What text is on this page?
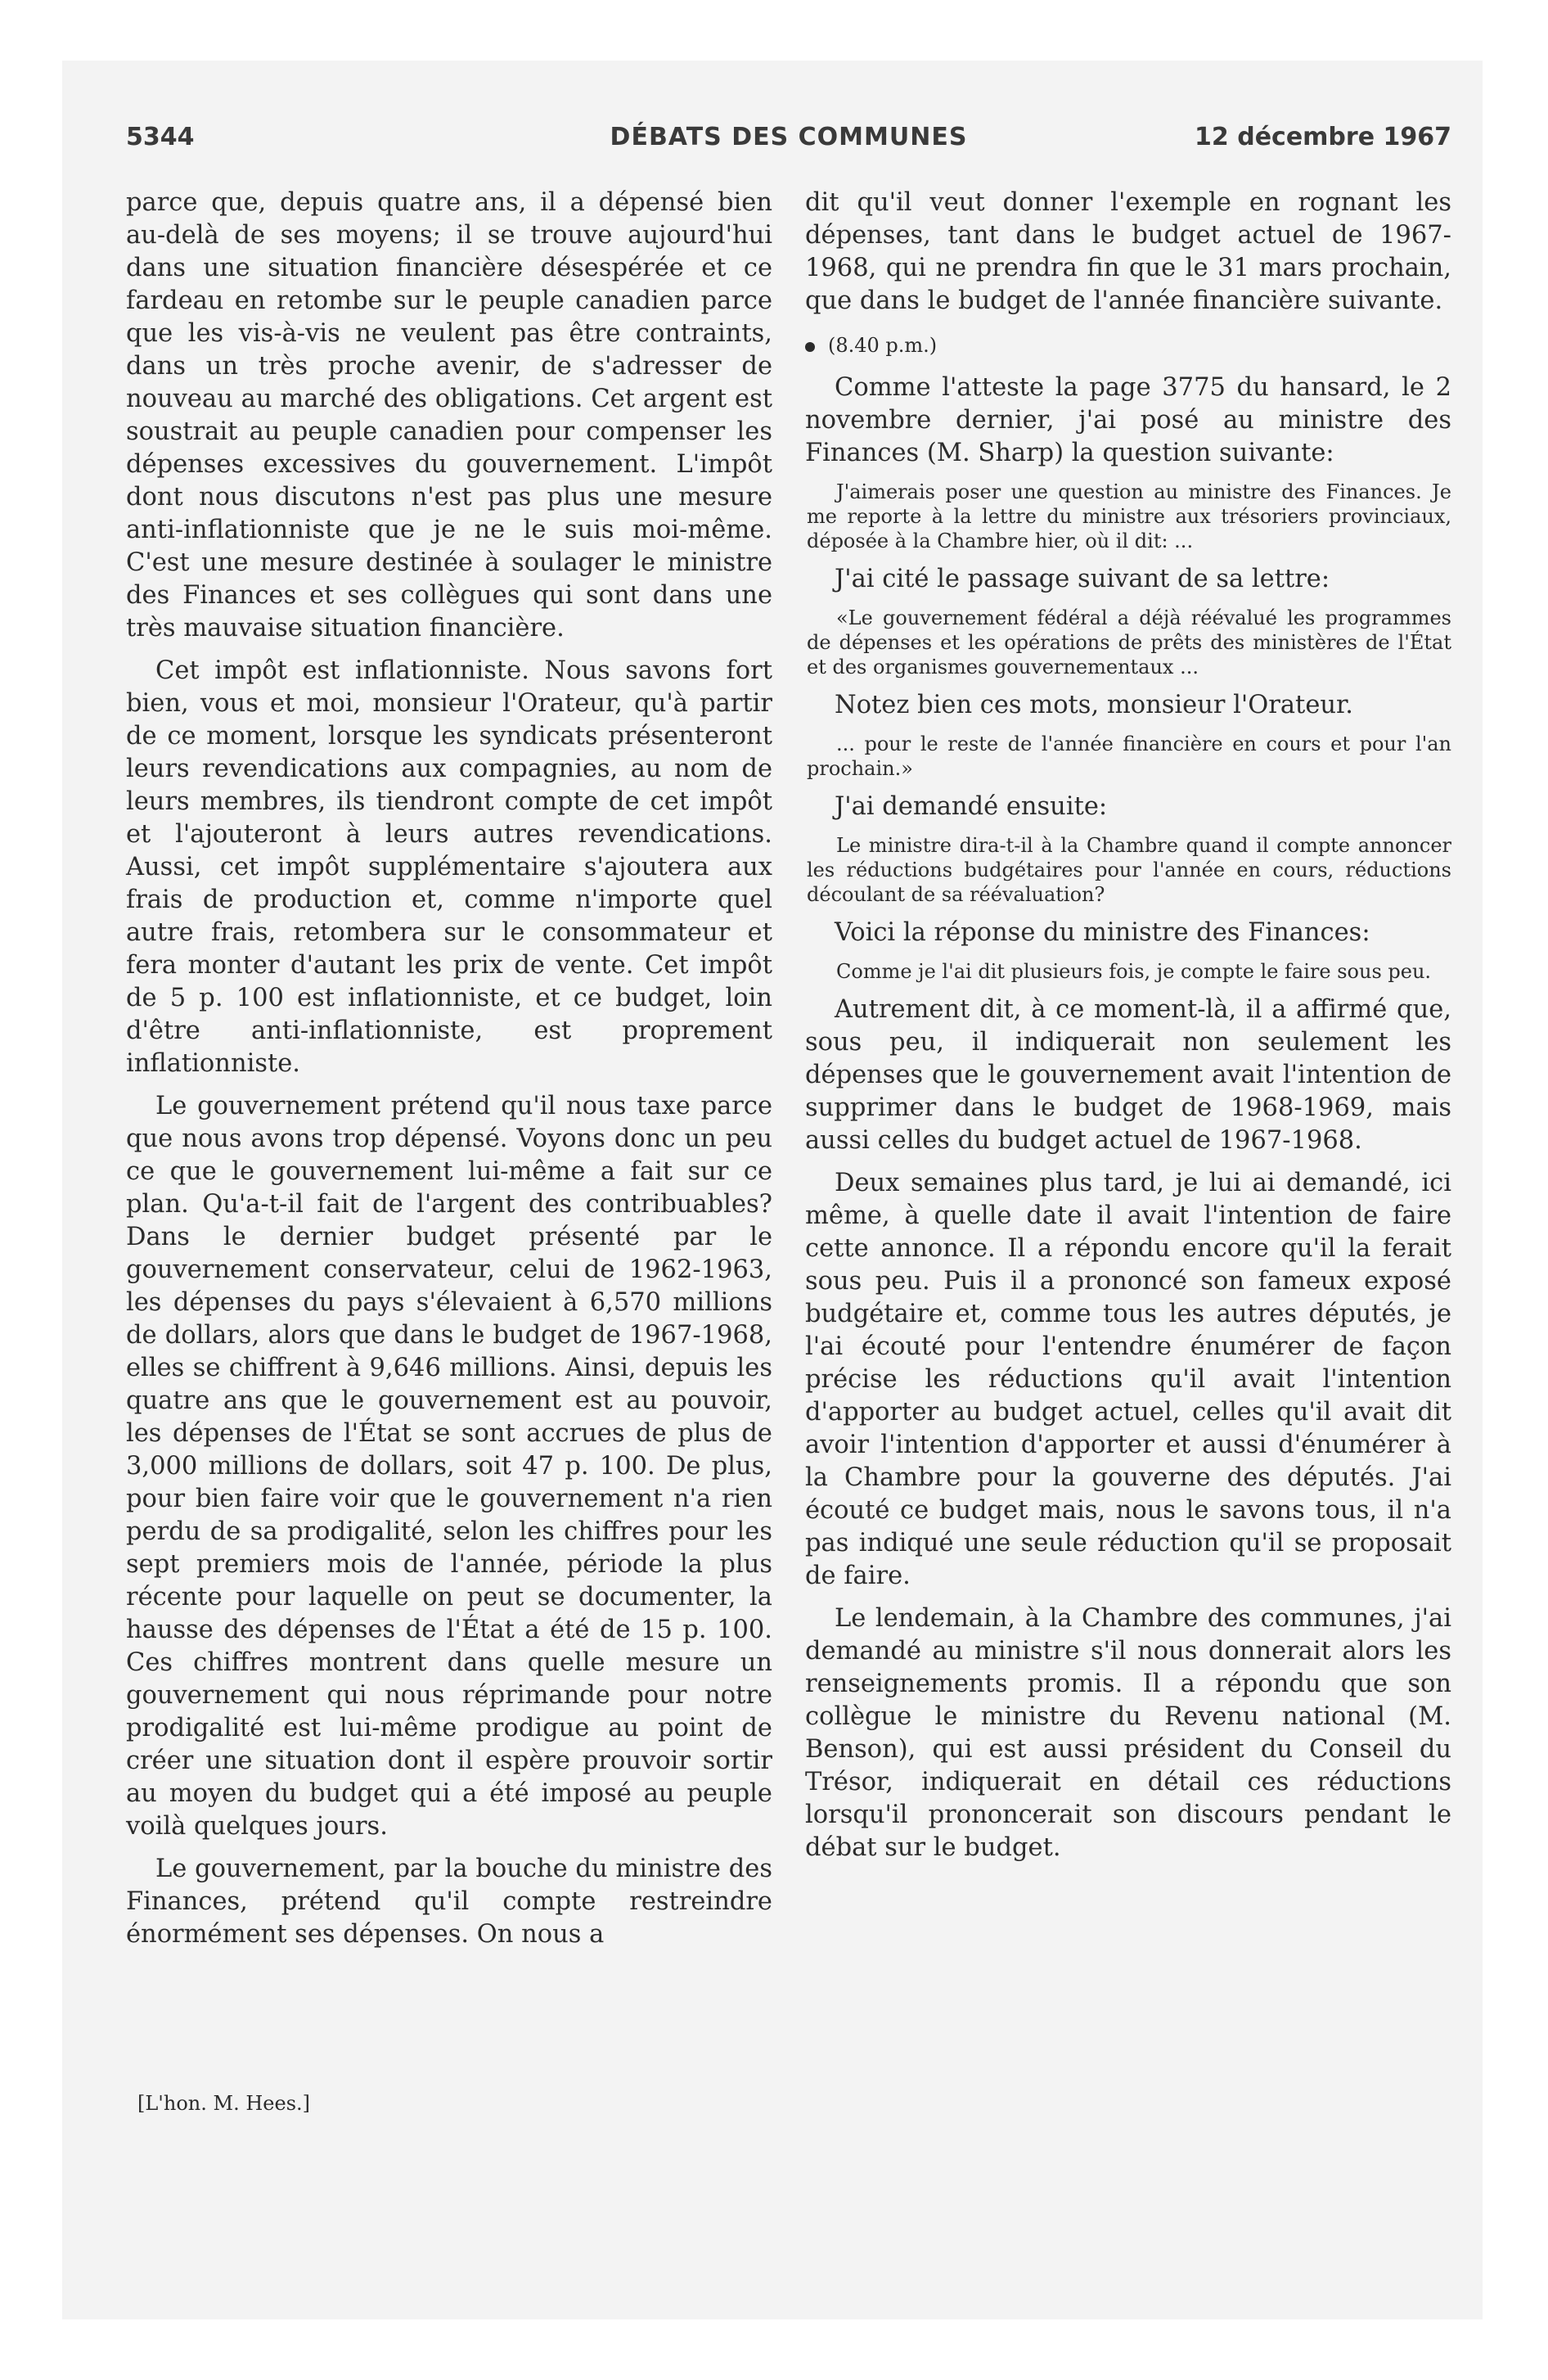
5344	DÉBATS DES COMMUNES	12 décembre 1967

parce que, depuis quatre ans, il a dépensé bien au-delà de ses moyens; il se trouve aujourd'hui dans une situation financière désespérée et ce fardeau en retombe sur le peuple canadien parce que les vis-à-vis ne veulent pas être contraints, dans un très proche avenir, de s'adresser de nouveau au marché des obligations. Cet argent est soustrait au peuple canadien pour compenser les dépenses excessives du gouvernement. L'impôt dont nous discutons n'est pas plus une mesure anti-inflationniste que je ne le suis moi-même. C'est une mesure destinée à soulager le ministre des Finances et ses collègues qui sont dans une très mauvaise situation financière.

Cet impôt est inflationniste. Nous savons fort bien, vous et moi, monsieur l'Orateur, qu'à partir de ce moment, lorsque les syndicats présenteront leurs revendications aux compagnies, au nom de leurs membres, ils tiendront compte de cet impôt et l'ajouteront à leurs autres revendications. Aussi, cet impôt supplémentaire s'ajoutera aux frais de production et, comme n'importe quel autre frais, retombera sur le consommateur et fera monter d'autant les prix de vente. Cet impôt de 5 p. 100 est inflationniste, et ce budget, loin d'être anti-inflationniste, est proprement inflationniste.

Le gouvernement prétend qu'il nous taxe parce que nous avons trop dépensé. Voyons donc un peu ce que le gouvernement lui-même a fait sur ce plan. Qu'a-t-il fait de l'argent des contribuables? Dans le dernier budget présenté par le gouvernement conservateur, celui de 1962-1963, les dépenses du pays s'élevaient à 6,570 millions de dollars, alors que dans le budget de 1967-1968, elles se chiffrent à 9,646 millions. Ainsi, depuis les quatre ans que le gouvernement est au pouvoir, les dépenses de l'État se sont accrues de plus de 3,000 millions de dollars, soit 47 p. 100. De plus, pour bien faire voir que le gouvernement n'a rien perdu de sa prodigalité, selon les chiffres pour les sept premiers mois de l'année, période la plus récente pour laquelle on peut se documenter, la hausse des dépenses de l'État a été de 15 p. 100. Ces chiffres montrent dans quelle mesure un gouvernement qui nous réprimande pour notre prodigalité est lui-même prodigue au point de créer une situation dont il espère prouvoir sortir au moyen du budget qui a été imposé au peuple voilà quelques jours.

Le gouvernement, par la bouche du ministre des Finances, prétend qu'il compte restreindre énormément ses dépenses. On nous a

[L'hon. M. Hees.]

dit qu'il veut donner l'exemple en rognant les dépenses, tant dans le budget actuel de 1967-1968, qui ne prendra fin que le 31 mars prochain, que dans le budget de l'année financière suivante.

(8.40 p.m.)

Comme l'atteste la page 3775 du hansard, le 2 novembre dernier, j'ai posé au ministre des Finances (M. Sharp) la question suivante:

J'aimerais poser une question au ministre des Finances. Je me reporte à la lettre du ministre aux trésoriers provinciaux, déposée à la Chambre hier, où il dit: ...

J'ai cité le passage suivant de sa lettre:

«Le gouvernement fédéral a déjà réévalué les programmes de dépenses et les opérations de prêts des ministères de l'État et des organismes gouvernementaux ...

Notez bien ces mots, monsieur l'Orateur.

... pour le reste de l'année financière en cours et pour l'an prochain.»

J'ai demandé ensuite:

Le ministre dira-t-il à la Chambre quand il compte annoncer les réductions budgétaires pour l'année en cours, réductions découlant de sa réévaluation?

Voici la réponse du ministre des Finances:

Comme je l'ai dit plusieurs fois, je compte le faire sous peu.

Autrement dit, à ce moment-là, il a affirmé que, sous peu, il indiquerait non seulement les dépenses que le gouvernement avait l'intention de supprimer dans le budget de 1968-1969, mais aussi celles du budget actuel de 1967-1968.

Deux semaines plus tard, je lui ai demandé, ici même, à quelle date il avait l'intention de faire cette annonce. Il a répondu encore qu'il la ferait sous peu. Puis il a prononcé son fameux exposé budgétaire et, comme tous les autres députés, je l'ai écouté pour l'entendre énumérer de façon précise les réductions qu'il avait l'intention d'apporter au budget actuel, celles qu'il avait dit avoir l'intention d'apporter et aussi d'énumérer à la Chambre pour la gouverne des députés. J'ai écouté ce budget mais, nous le savons tous, il n'a pas indiqué une seule réduction qu'il se proposait de faire.

Le lendemain, à la Chambre des communes, j'ai demandé au ministre s'il nous donnerait alors les renseignements promis. Il a répondu que son collègue le ministre du Revenu national (M. Benson), qui est aussi président du Conseil du Trésor, indiquerait en détail ces réductions lorsqu'il prononcerait son discours pendant le débat sur le budget.
